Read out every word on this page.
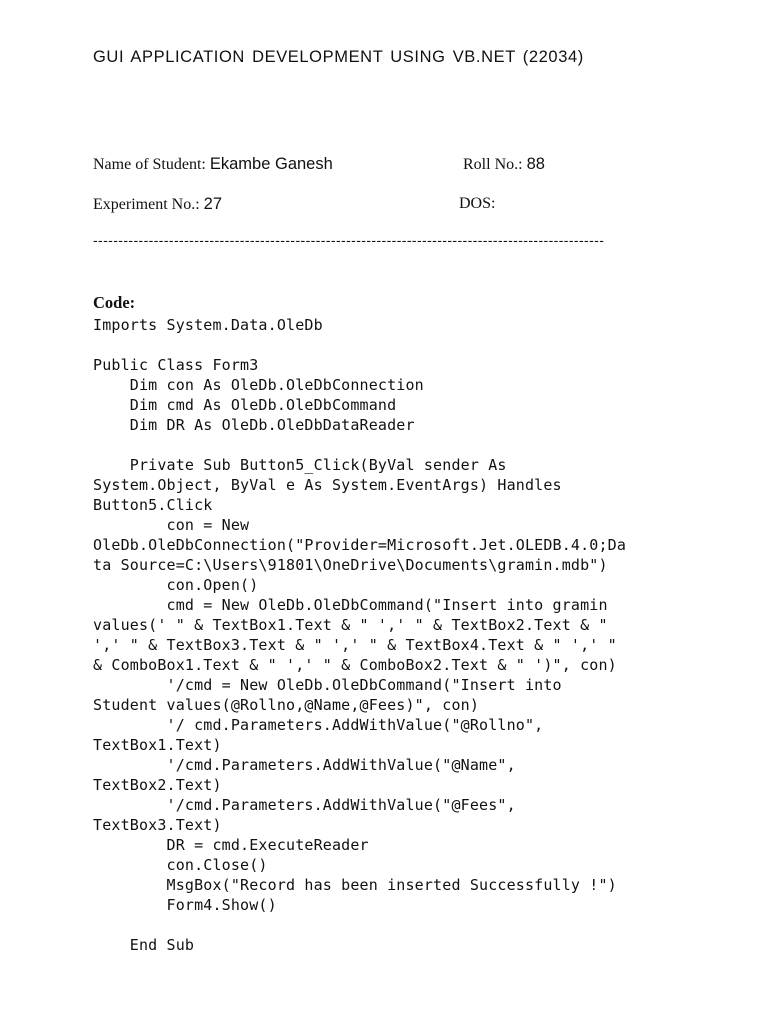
GUI APPLICATION DEVELOPMENT USING VB.NET (22034)
Name of Student: Ekambe Ganesh	Roll No.: 88
Experiment No.: 27	DOS:
-----------------------------------------------------------------------------------------------------
Code:
Imports System.Data.OleDb
Public Class Form3
Dim con As OleDb.OleDbConnection
Dim cmd As OleDb.OleDbCommand
Dim DR As OleDb.OleDbDataReader
Private Sub Button5_Click(ByVal sender As
System.Object, ByVal e As System.EventArgs) Handles
Button5.Click
con = New
OleDb.OleDbConnection("Provider=Microsoft.Jet.OLEDB.4.0;Da
ta Source=C:\Users\91801\OneDrive\Documents\gramin.mdb")
con.Open()
cmd = New OleDb.OleDbCommand("Insert into gramin
values(' " & TextBox1.Text & " ',' " & TextBox2.Text & "
',' " & TextBox3.Text & " ',' " & TextBox4.Text & " ',' "
& ComboBox1.Text & " ',' " & ComboBox2.Text & " ')", con)
'/cmd = New OleDb.OleDbCommand("Insert into
Student values(@Rollno,@Name,@Fees)", con)
'/ cmd.Parameters.AddWithValue("@Rollno",
TextBox1.Text)
'/cmd.Parameters.AddWithValue("@Name",
TextBox2.Text)
'/cmd.Parameters.AddWithValue("@Fees",
TextBox3.Text)
DR = cmd.ExecuteReader
con.Close()
MsgBox("Record has been inserted Successfully !")
Form4.Show()
End Sub
